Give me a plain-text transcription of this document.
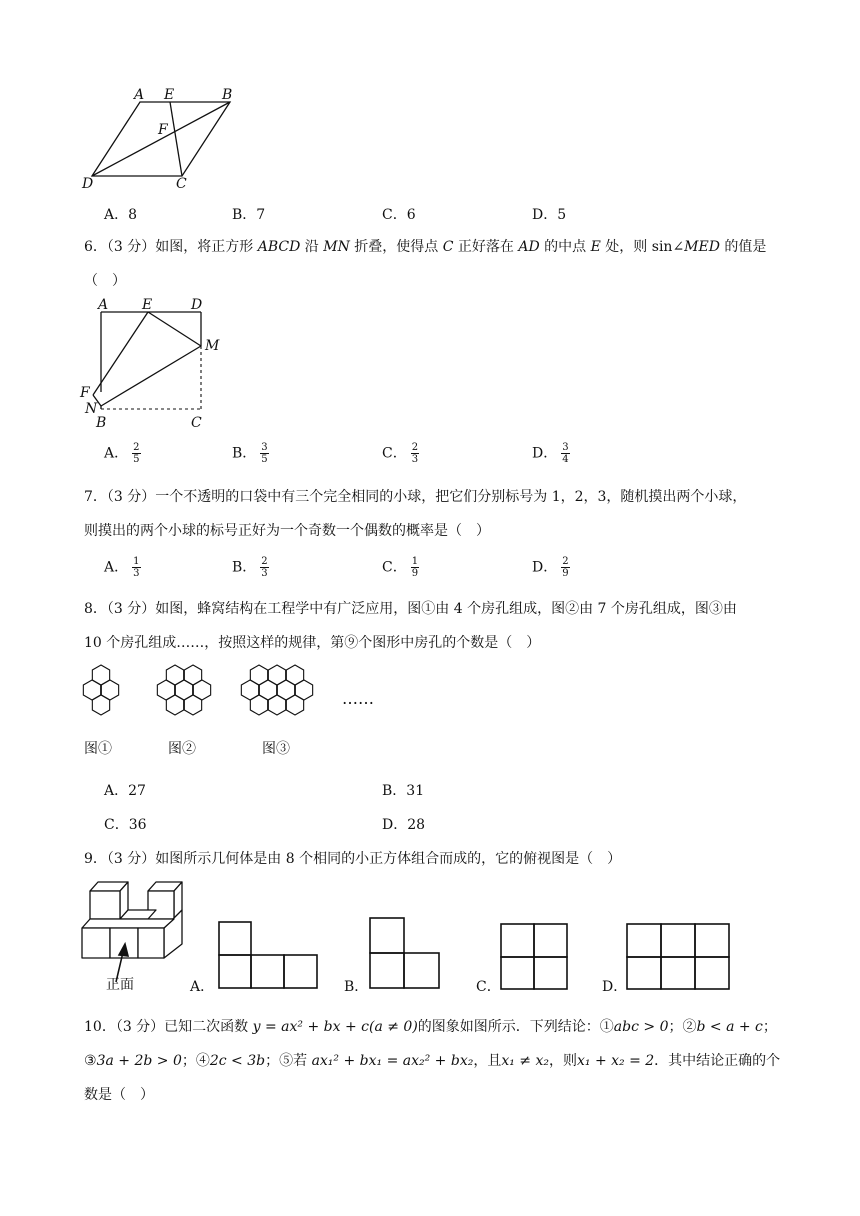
A E	B
F
D	C
A．8	B．7	C．6	D．5
6．（3 分）如图，将正方形 ABCD 沿 MN 折叠，使得点 C 正好落在 AD 的中点 E 处，则 sin∠MED 的值是
（　）
A E	D
M
F
N
B	C
A． $\frac{2}{5}$	B． $\frac{3}{5}$	C． $\frac{2}{3}$	D． $\frac{3}{4}$
7．（3 分）一个不透明的口袋中有三个完全相同的小球，把它们分别标号为 1，2，3，随机摸出两个小球，
则摸出的两个小球的标号正好为一个奇数一个偶数的概率是（　）
A． $\frac{1}{3}$	B． $\frac{2}{3}$	C． $\frac{1}{9}$	D． $\frac{2}{9}$
8．（3 分）如图，蜂窝结构在工程学中有广泛应用，图①由 4 个房孔组成，图②由 7 个房孔组成，图③由
10 个房孔组成……，按照这样的规律，第⑨个图形中房孔的个数是（　）
……
图①	图②	图③
A．27	B．31
C．36	D．28
9．（3 分）如图所示几何体是由 8 个相同的小正方体组合而成的，它的俯视图是（　）
正面	A．	B．	C．	D．
10．（3 分）已知二次函数 y = ax² + bx + c(a ≠ 0)的图象如图所示．下列结论：①abc > 0；②b < a + c；
③3a + 2b > 0；④2c < 3b；⑤若 ax₁² + bx₁ = ax₂² + bx₂，且x₁ ≠ x₂，则x₁ + x₂ = 2．其中结论正确的个
数是（　）
